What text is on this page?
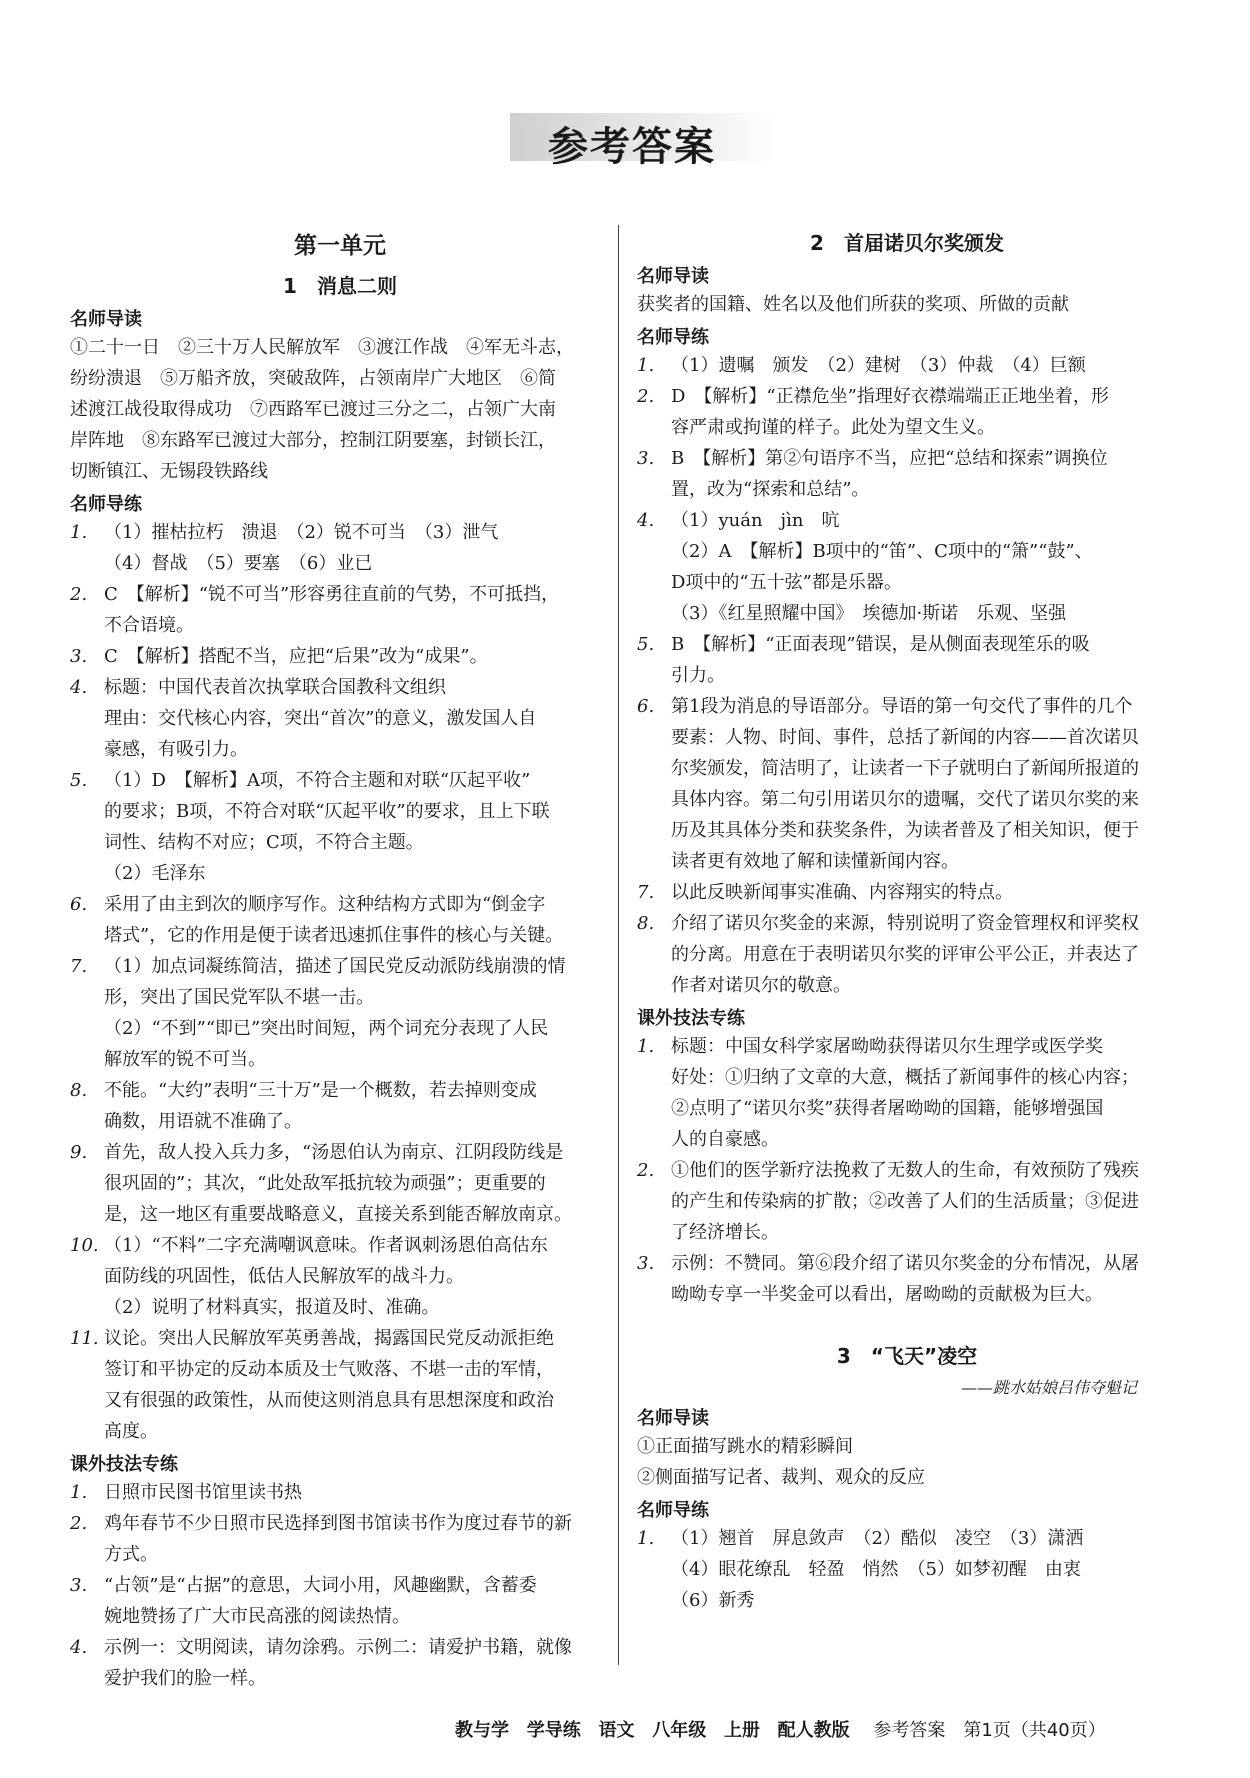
参考答案
第一单元
1　消息二则
名师导读
①二十一日　②三十万人民解放军　③渡江作战　④军无斗志，
纷纷溃退　⑤万船齐放，突破敌阵，占领南岸广大地区　⑥简
述渡江战役取得成功　⑦西路军已渡过三分之二，占领广大南
岸阵地　⑧东路军已渡过大部分，控制江阴要塞，封锁长江，
切断镇江、无锡段铁路线
名师导练
1. （1）摧枯拉朽　溃退　（2）锐不可当　（3）泄气
（4）督战　（5）要塞　（6）业已
2. C　【解析】“锐不可当”形容勇往直前的气势，不可抵挡，
不合语境。
3. C　【解析】搭配不当，应把“后果”改为“成果”。
4. 标题：中国代表首次执掌联合国教科文组织
理由：交代核心内容，突出“首次”的意义，激发国人自
豪感，有吸引力。
5. （1）D　【解析】A项，不符合主题和对联“仄起平收”
的要求；B项，不符合对联“仄起平收”的要求，且上下联
词性、结构不对应；C项，不符合主题。
（2）毛泽东
6. 采用了由主到次的顺序写作。这种结构方式即为“倒金字
塔式”，它的作用是便于读者迅速抓住事件的核心与关键。
7. （1）加点词凝练简洁，描述了国民党反动派防线崩溃的情
形，突出了国民党军队不堪一击。
（2）“不到”“即已”突出时间短，两个词充分表现了人民
解放军的锐不可当。
8. 不能。“大约”表明“三十万”是一个概数，若去掉则变成
确数，用语就不准确了。
9. 首先，敌人投入兵力多，“汤恩伯认为南京、江阴段防线是
很巩固的”；其次，“此处敌军抵抗较为顽强”；更重要的
是，这一地区有重要战略意义，直接关系到能否解放南京。
10. （1）“不料”二字充满嘲讽意味。作者讽刺汤恩伯高估东
面防线的巩固性，低估人民解放军的战斗力。
（2）说明了材料真实，报道及时、准确。
11. 议论。突出人民解放军英勇善战，揭露国民党反动派拒绝
签订和平协定的反动本质及士气败落、不堪一击的军情，
又有很强的政策性，从而使这则消息具有思想深度和政治
高度。
课外技法专练
1. 日照市民图书馆里读书热
2. 鸡年春节不少日照市民选择到图书馆读书作为度过春节的新
方式。
3. “占领”是“占据”的意思，大词小用，风趣幽默，含蓄委
婉地赞扬了广大市民高涨的阅读热情。
4. 示例一：文明阅读，请勿涂鸦。示例二：请爱护书籍，就像
爱护我们的脸一样。
2　首届诺贝尔奖颁发
名师导读
获奖者的国籍、姓名以及他们所获的奖项、所做的贡献
名师导练
1. （1）遗嘱　颁发　（2）建树　（3）仲裁　（4）巨额
2. D　【解析】“正襟危坐”指理好衣襟端端正正地坐着，形
容严肃或拘谨的样子。此处为望文生义。
3. B　【解析】第②句语序不当，应把“总结和探索”调换位
置，改为“探索和总结”。
4. （1）yuán　jìn　吭
（2）A　【解析】B项中的“笛”、C项中的“箫”“鼓”、
D项中的“五十弦”都是乐器。
（3）《红星照耀中国》　埃德加·斯诺　乐观、坚强
5. B　【解析】“正面表现”错误，是从侧面表现笙乐的吸
引力。
6. 第1段为消息的导语部分。导语的第一句交代了事件的几个
要素：人物、时间、事件，总括了新闻的内容——首次诺贝
尔奖颁发，简洁明了，让读者一下子就明白了新闻所报道的
具体内容。第二句引用诺贝尔的遗嘱，交代了诺贝尔奖的来
历及其具体分类和获奖条件，为读者普及了相关知识，便于
读者更有效地了解和读懂新闻内容。
7. 以此反映新闻事实准确、内容翔实的特点。
8. 介绍了诺贝尔奖金的来源，特别说明了资金管理权和评奖权
的分离。用意在于表明诺贝尔奖的评审公平公正，并表达了
作者对诺贝尔的敬意。
课外技法专练
1. 标题：中国女科学家屠呦呦获得诺贝尔生理学或医学奖
好处：①归纳了文章的大意，概括了新闻事件的核心内容；
②点明了“诺贝尔奖”获得者屠呦呦的国籍，能够增强国
人的自豪感。
2. ①他们的医学新疗法挽救了无数人的生命，有效预防了残疾
的产生和传染病的扩散；②改善了人们的生活质量；③促进
了经济增长。
3. 示例：不赞同。第⑥段介绍了诺贝尔奖金的分布情况，从屠
呦呦专享一半奖金可以看出，屠呦呦的贡献极为巨大。
3　“飞天”凌空
——跳水姑娘吕伟夺魁记
名师导读
①正面描写跳水的精彩瞬间
②侧面描写记者、裁判、观众的反应
名师导练
1. （1）翘首　屏息敛声　（2）酷似　凌空　（3）潇洒
（4）眼花缭乱　轻盈　悄然　（5）如梦初醒　由衷
（6）新秀
教与学 学导练 语文 八年级 上册 配人教版 参考答案　第1页（共40页）
